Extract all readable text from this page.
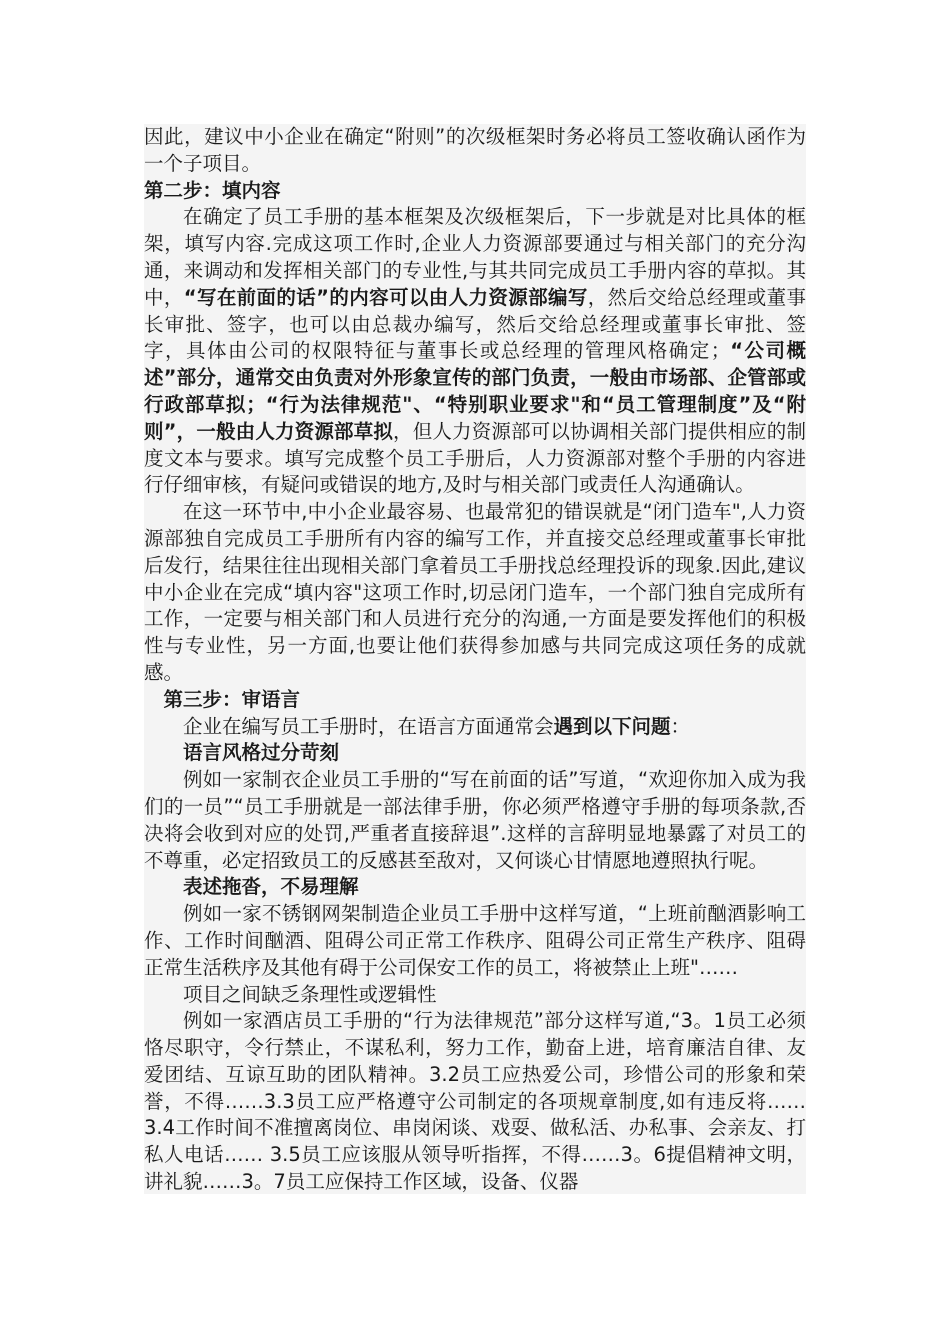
因此，建议中小企业在确定“附则”的次级框架时务必将员工签收确认函作为一个子项目。

第二步：填内容

在确定了员工手册的基本框架及次级框架后，下一步就是对比具体的框架，填写内容.完成这项工作时,企业人力资源部要通过与相关部门的充分沟通，来调动和发挥相关部门的专业性,与其共同完成员工手册内容的草拟。其中，“写在前面的话”的内容可以由人力资源部编写，然后交给总经理或董事长审批、签字，也可以由总裁办编写，然后交给总经理或董事长审批、签字，具体由公司的权限特征与董事长或总经理的管理风格确定；“公司概述”部分，通常交由负责对外形象宣传的部门负责，一般由市场部、企管部或行政部草拟；“行为法律规范"、“特别职业要求"和“员工管理制度”及“附则”，一般由人力资源部草拟，但人力资源部可以协调相关部门提供相应的制度文本与要求。填写完成整个员工手册后，人力资源部对整个手册的内容进行仔细审核，有疑问或错误的地方,及时与相关部门或责任人沟通确认。

在这一环节中,中小企业最容易、也最常犯的错误就是“闭门造车",人力资源部独自完成员工手册所有内容的编写工作，并直接交总经理或董事长审批后发行，结果往往出现相关部门拿着员工手册找总经理投诉的现象.因此,建议中小企业在完成“填内容"这项工作时,切忌闭门造车，一个部门独自完成所有工作，一定要与相关部门和人员进行充分的沟通,一方面是要发挥他们的积极性与专业性，另一方面,也要让他们获得参加感与共同完成这项任务的成就感。

第三步：审语言

企业在编写员工手册时，在语言方面通常会遇到以下问题：

语言风格过分苛刻

例如一家制衣企业员工手册的“写在前面的话”写道，“欢迎你加入成为我们的一员”“员工手册就是一部法律手册，你必须严格遵守手册的每项条款,否决将会收到对应的处罚,严重者直接辞退”.这样的言辞明显地暴露了对员工的不尊重，必定招致员工的反感甚至敌对，又何谈心甘情愿地遵照执行呢。

表述拖沓，不易理解

例如一家不锈钢网架制造企业员工手册中这样写道，“上班前酗酒影响工作、工作时间酗酒、阻碍公司正常工作秩序、阻碍公司正常生产秩序、阻碍正常生活秩序及其他有碍于公司保安工作的员工，将被禁止上班"……

项目之间缺乏条理性或逻辑性

例如一家酒店员工手册的“行为法律规范”部分这样写道,“3。1员工必须恪尽职守，令行禁止，不谋私利，努力工作，勤奋上进，培育廉洁自律、友爱团结、互谅互助的团队精神。3.2员工应热爱公司，珍惜公司的形象和荣誉，不得……3.3员工应严格遵守公司制定的各项规章制度,如有违反将……3.4工作时间不准擅离岗位、串岗闲谈、戏耍、做私活、办私事、会亲友、打私人电话…… 3.5员工应该服从领导听指挥，不得……3。6提倡精神文明，讲礼貌……3。7员工应保持工作区域，设备、仪器
